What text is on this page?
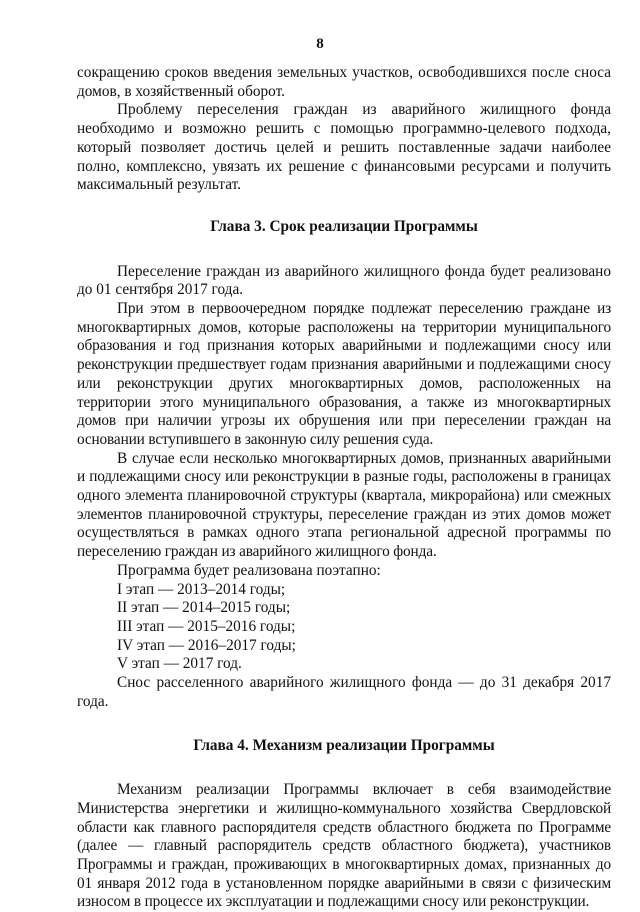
8

сокращению сроков введения земельных участков, освободившихся после сноса домов, в хозяйственный оборот.

Проблему переселения граждан из аварийного жилищного фонда необходимо и возможно решить с помощью программно-целевого подхода, который позволяет достичь целей и решить поставленные задачи наиболее полно, комплексно, увязать их решение с финансовыми ресурсами и получить максимальный результат.

Глава 3. Срок реализации Программы

Переселение граждан из аварийного жилищного фонда будет реализовано до 01 сентября 2017 года.

При этом в первоочередном порядке подлежат переселению граждане из многоквартирных домов, которые расположены на территории муниципального образования и год признания которых аварийными и подлежащими сносу или реконструкции предшествует годам признания аварийными и подлежащими сносу или реконструкции других многоквартирных домов, расположенных на территории этого муниципального образования, а также из многоквартирных домов при наличии угрозы их обрушения или при переселении граждан на основании вступившего в законную силу решения суда.

В случае если несколько многоквартирных домов, признанных аварийными и подлежащими сносу или реконструкции в разные годы, расположены в границах одного элемента планировочной структуры (квартала, микрорайона) или смежных элементов планировочной структуры, переселение граждан из этих домов может осуществляться в рамках одного этапа региональной адресной программы по переселению граждан из аварийного жилищного фонда.

Программа будет реализована поэтапно:

I этап — 2013–2014 годы;

II этап — 2014–2015 годы;

III этап — 2015–2016 годы;

IV этап — 2016–2017 годы;

V этап — 2017 год.

Снос расселенного аварийного жилищного фонда — до 31 декабря 2017 года.

Глава 4. Механизм реализации Программы

Механизм реализации Программы включает в себя взаимодействие Министерства энергетики и жилищно-коммунального хозяйства Свердловской области как главного распорядителя средств областного бюджета по Программе (далее — главный распорядитель средств областного бюджета), участников Программы и граждан, проживающих в многоквартирных домах, признанных до 01 января 2012 года в установленном порядке аварийными в связи с физическим износом в процессе их эксплуатации и подлежащими сносу или реконструкции.
